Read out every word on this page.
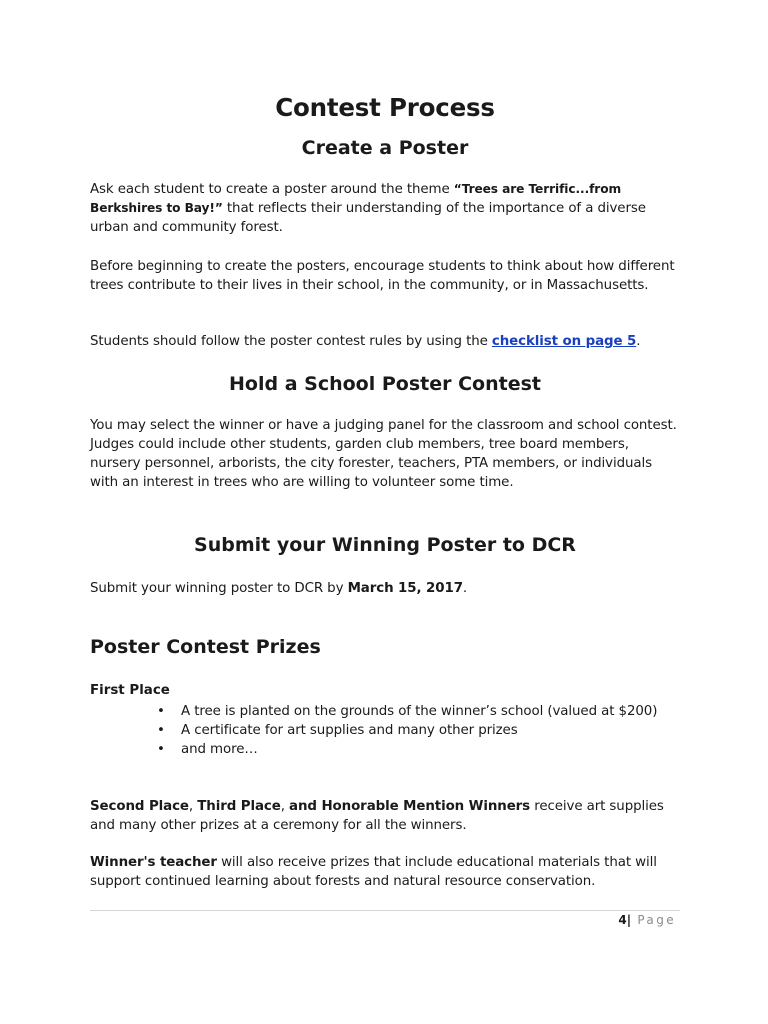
Contest Process
Create a Poster
Ask each student to create a poster around the theme “Trees are Terrific...from Berkshires to Bay!” that reflects their understanding of the importance of a diverse urban and community forest.
Before beginning to create the posters, encourage students to think about how different trees contribute to their lives in their school, in the community, or in Massachusetts.
Students should follow the poster contest rules by using the checklist on page 5.
Hold a School Poster Contest
You may select the winner or have a judging panel for the classroom and school contest. Judges could include other students, garden club members, tree board members, nursery personnel, arborists, the city forester, teachers, PTA members, or individuals with an interest in trees who are willing to volunteer some time.
Submit your Winning Poster to DCR
Submit your winning poster to DCR by March 15, 2017.
Poster Contest Prizes
First Place
• A tree is planted on the grounds of the winner’s school (valued at $200)
• A certificate for art supplies and many other prizes
• and more…
Second Place, Third Place, and Honorable Mention Winners receive art supplies and many other prizes at a ceremony for all the winners.
Winner's teacher will also receive prizes that include educational materials that will support continued learning about forests and natural resource conservation.
4| Page
